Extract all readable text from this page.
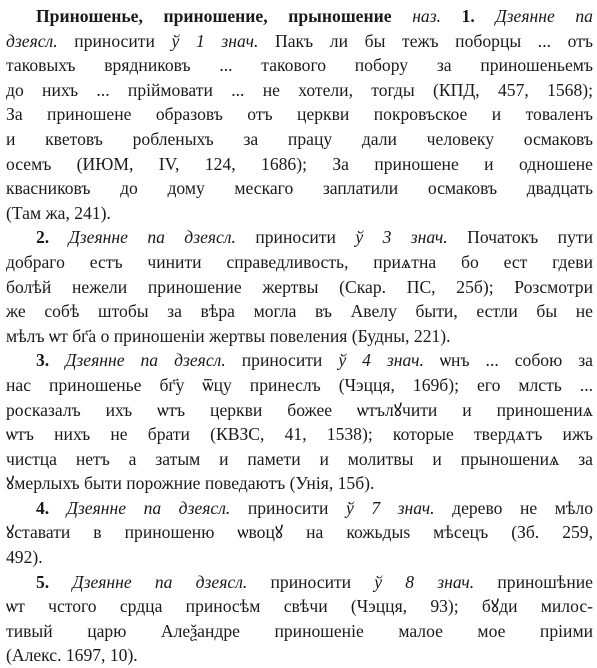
Приношенье, приношение, прыношение наз. 1. Дзеянне па
дзеясл. приносити ў 1 знач. Пакъ ли бы тежъ поборцы ... отъ
таковыхъ врядниковъ ... такового побору за приношеньемъ
до нихъ ... пріймовати ... не хотели, тогды (КПД, 457, 1568);
За приношене образовъ отъ церкви покровъское и товаленъ
и кветовъ робленыхъ за працу дали человеку осмаковъ
осемъ (ИЮМ, IV, 124, 1686); За приношене и одношене
квасниковъ до дому мескаго заплатили осмаковъ двадцать
(Там жа, 241).
2. Дзеянне па дзеясл. приносити ў 3 знач. Початокъ пути
добраго естъ чинити справедливость, приѧтна бо ест гдеви
болѣй нежели приношение жертвы (Скар. ПС, 25б); Розсмотри
же собѣ штобы за вѣра могла въ Авелу быти, естли бы не
мѣлъ ѡт бг҃а о приношеніи жертвы повеления (Будны, 221).
3. Дзеянне па дзеясл. приносити ў 4 знач. ѡнъ ... собою за
нас приношенье бг҃у ѿцу принеслъ (Чэцця, 169б); его млсть ...
росказалъ ихъ ѡтъ церкви божее ѡтълꙋчити и приношениѧ
ѡтъ нихъ не брати (КВЗС, 41, 1538); которые твердѧтъ ижъ
чистца нетъ а затым и памети и молитвы и прыношениѧ за
ꙋмерлыхъ быти порожние поведаютъ (Унія, 15б).
4. Дзеянне па дзеясл. приносити ў 7 знач. дерево не мѣло
ꙋставати в приношеню ѡвоцꙋ на кожьдыѕ мѣсецъ (Зб. 259,
492).
5. Дзеянне па дзеясл. приносити ў 8 знач. приношѣние
ѡт чстого срдца приносѣм свѣчи (Чэцця, 93); бꙋди милос-
тивый царю Алеѯандре приношеніе малое мое пріими
(Алекс. 1697, 10).
